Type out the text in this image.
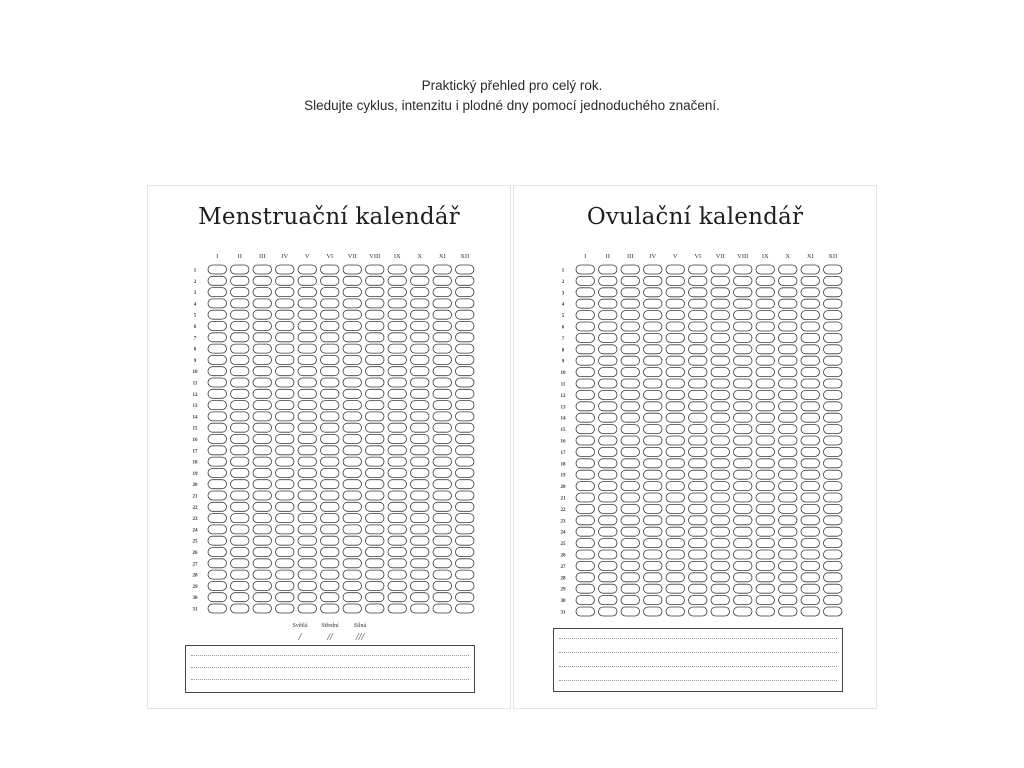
Praktický přehled pro celý rok.
Sledujte cyklus, intenzitu i plodné dny pomocí jednoduchého značení.
Menstruační kalendář
I	II	III IV	V	VI VII VIII IX	X	XI XII
1
2
3
4
5
6
7
8
9
10
11
12
13
14
15
16
17
18
19
20
21
22
23
24
25
26
27
28
29
30
31
Světlá
/
Střední
//
Silná
///
Ovulační kalendář
I	II	III IV	V	VI VII VIII IX	X	XI XII
1
2
3
4
5
6
7
8
9
10
11
12
13
14
15
16
17
18
19
20
21
22
23
24
25
26
27
28
29
30
31
